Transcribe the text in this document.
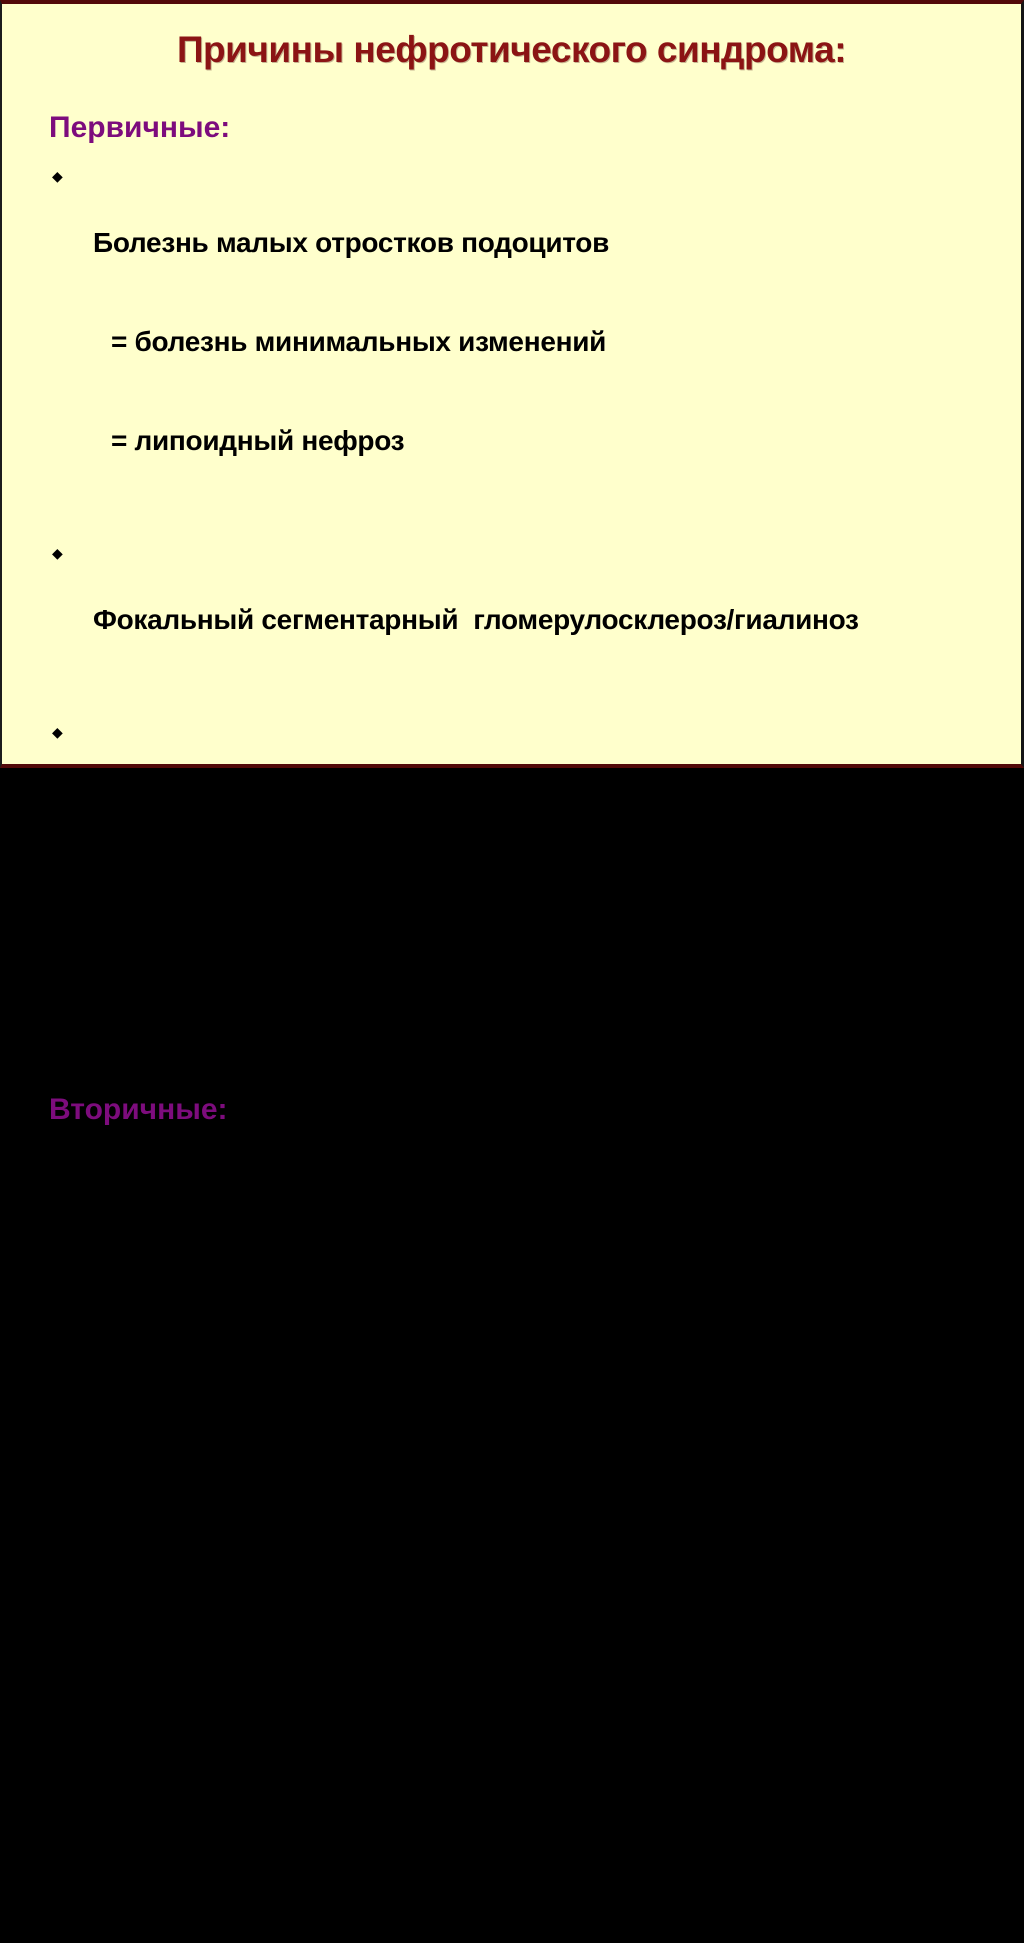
Причины нефротического синдрома:
Первичные:
◆

Болезнь малых отростков подоцитов

= болезнь минимальных изменений

= липоидный нефроз

◆

Фокальный сегментарный  гломерулосклероз/гиалиноз

◆

Мембранозная нефропатия

◆

Мезангиокапиллярный гломерулонефрит

Вторичные:
◆

Вторичный амилоидоз (РА, хронических воспалительных заболеваниях, в т.ч. нагноительных).

◆

Системные заболевания (СКВ, геморрагический васкулит Шенляйн-Геноха, системная склеродермия)

◆

Бактериальный эндокардит.

◆

Опухолевые заболевания (рак почки, легкого, кишечника, лимфомах).
